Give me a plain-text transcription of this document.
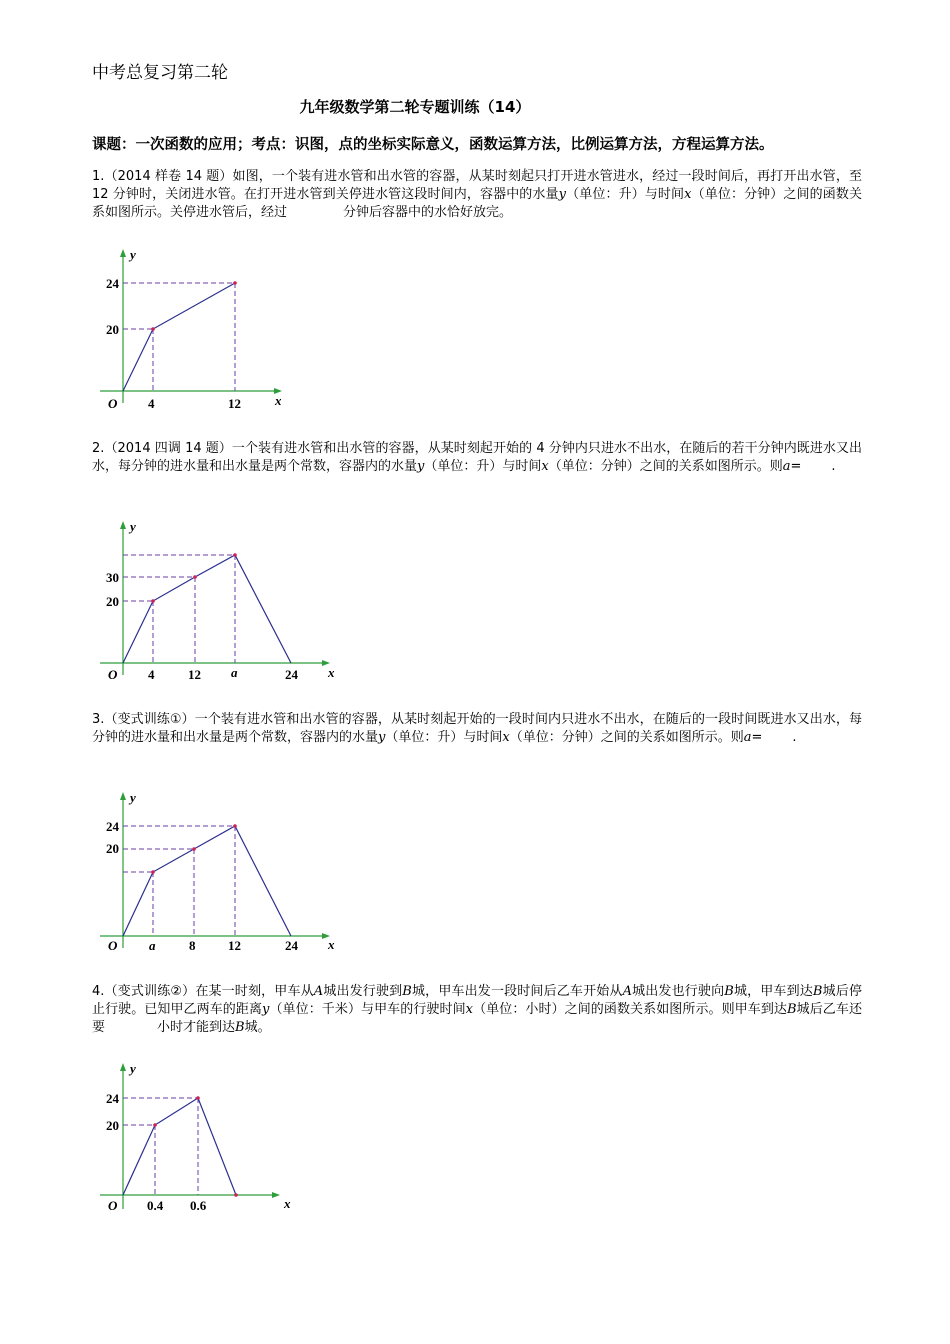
中考总复习第二轮
九年级数学第二轮专题训练（14）
课题：一次函数的应用；考点：识图，点的坐标实际意义，函数运算方法，比例运算方法，方程运算方法。
1.（2014 样卷 14 题）如图，一个装有进水管和出水管的容器，从某时刻起只打开进水管进水，经过一段时间后，再打开出水管，至 12 分钟时，关闭进水管。在打开进水管到关停进水管这段时间内，容器中的水量y（单位：升）与时间x（单位：分钟）之间的函数关系如图所示。关停进水管后，经过	分钟后容器中的水恰好放完。
x
y
O
24
20
4	12
2.（2014 四调 14 题）一个装有进水管和出水管的容器，从某时刻起开始的 4 分钟内只进水不出水，在随后的若干分钟内既进水又出水，每分钟的进水量和出水量是两个常数，容器内的水量y（单位：升）与时间x（单位：分钟）之间的关系如图所示。则a= .
x
y
O
30
20
4	12 a	24
3.（变式训练①）一个装有进水管和出水管的容器，从某时刻起开始的一段时间内只进水不出水，在随后的一段时间既进水又出水，每分钟的进水量和出水量是两个常数，容器内的水量y（单位：升）与时间x（单位：分钟）之间的关系如图所示。则a= .
x
y
O
24
20
a	8	12	24
4.（变式训练②）在某一时刻，甲车从A城出发行驶到B城，甲车出发一段时间后乙车开始从A城出发也行驶向B城，甲车到达B城后停止行驶。已知甲乙两车的距离y（单位：千米）与甲车的行驶时间x（单位：小时）之间的函数关系如图所示。则甲车到达B城后乙车还要	小时才能到达B城。
x
y
O
24
20
0.4 0.6
